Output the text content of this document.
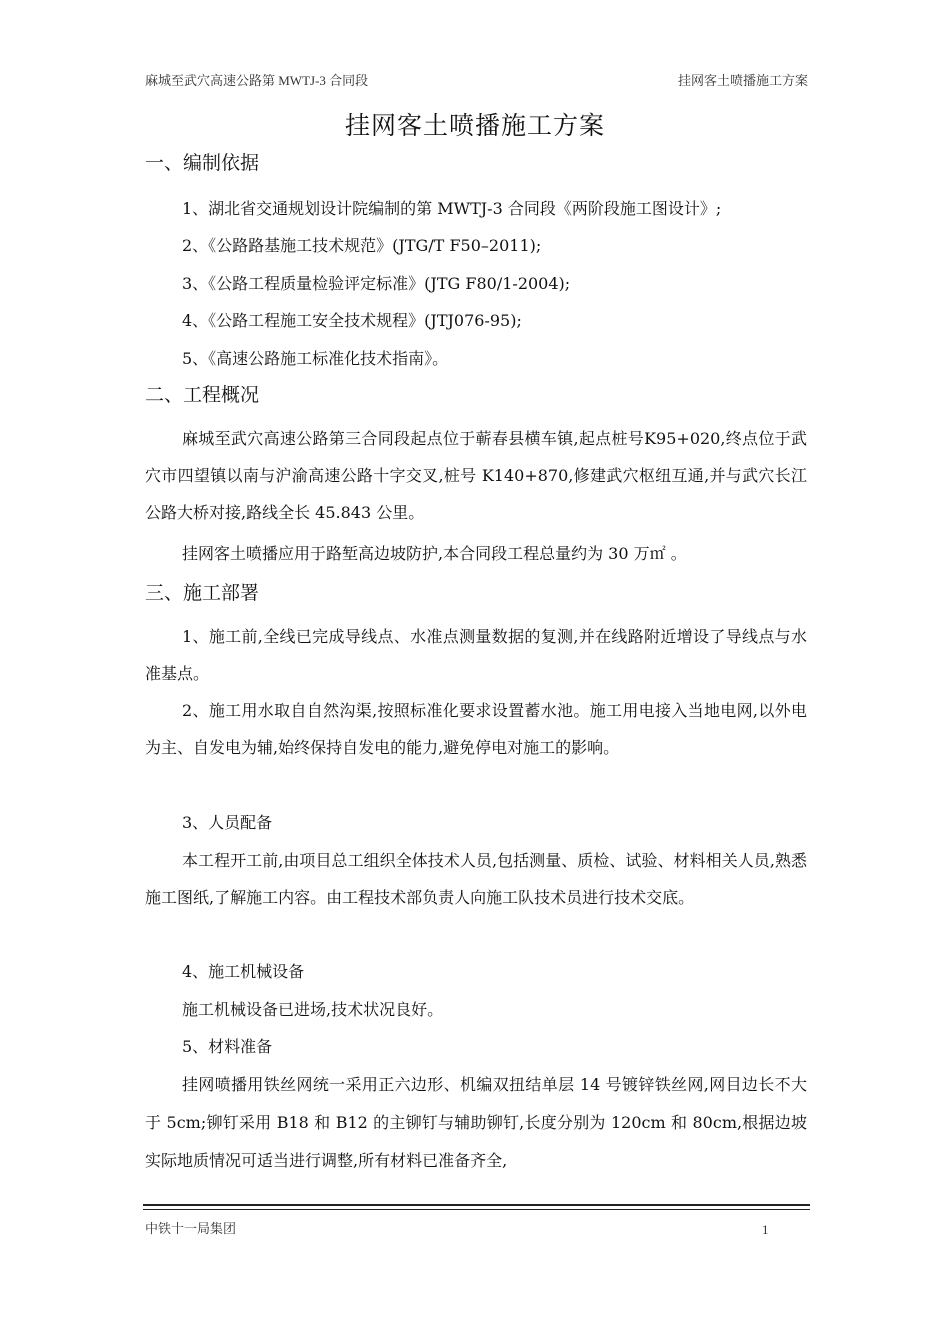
麻城至武穴高速公路第 MWTJ-3 合同段	挂网客土喷播施工方案
挂网客土喷播施工方案
一、编制依据

1、湖北省交通规划设计院编制的第 MWTJ-3 合同段《两阶段施工图设计》;

2、《公路路基施工技术规范》(JTG/T F50–2011);

3、《公路工程质量检验评定标准》(JTG F80/1-2004);

4、《公路工程施工安全技术规程》(JTJ076-95);

5、《高速公路施工标准化技术指南》。

二、工程概况

麻城至武穴高速公路第三合同段起点位于蕲春县横车镇,起点桩号K95+020,终点位于武穴市四望镇以南与沪渝高速公路十字交叉,桩号 K140+870,修建武穴枢纽互通,并与武穴长江公路大桥对接,路线全长 45.843 公里。

挂网客土喷播应用于路堑高边坡防护,本合同段工程总量约为 30 万㎡ 。

三、施工部署

1、施工前,全线已完成导线点、水准点测量数据的复测,并在线路附近增设了导线点与水准基点。

2、施工用水取自自然沟渠,按照标准化要求设置蓄水池。施工用电接入当地电网,以外电为主、自发电为辅,始终保持自发电的能力,避免停电对施工的影响。

3、人员配备

本工程开工前,由项目总工组织全体技术人员,包括测量、质检、试验、材料相关人员,熟悉施工图纸,了解施工内容。由工程技术部负责人向施工队技术员进行技术交底。

4、施工机械设备

施工机械设备已进场,技术状况良好。

5、材料准备

挂网喷播用铁丝网统一采用正六边形、机编双扭结单层 14 号镀锌铁丝网,网目边长不大于 5cm;铆钉采用 B18 和 B12 的主铆钉与辅助铆钉,长度分别为 120cm 和 80cm,根据边坡实际地质情况可适当进行调整,所有材料已准备齐全,

中铁十一局集团	1
